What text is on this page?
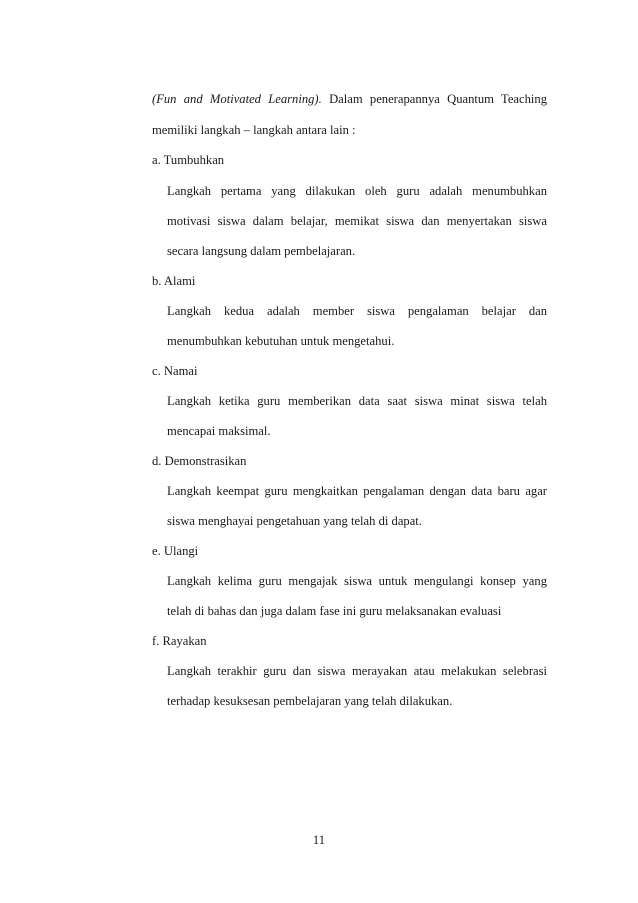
(Fun and Motivated Learning). Dalam penerapannya Quantum Teaching
memiliki langkah – langkah antara lain :
a. Tumbuhkan
Langkah pertama yang dilakukan oleh guru adalah menumbuhkan
motivasi siswa dalam belajar, memikat siswa dan menyertakan siswa
secara langsung dalam pembelajaran.
b. Alami
Langkah kedua adalah member siswa pengalaman belajar dan
menumbuhkan kebutuhan untuk mengetahui.
c. Namai
Langkah ketika guru memberikan data saat siswa minat siswa telah
mencapai maksimal.
d. Demonstrasikan
Langkah keempat guru mengkaitkan pengalaman dengan data baru agar
siswa menghayai pengetahuan yang telah di dapat.
e. Ulangi
Langkah kelima guru mengajak siswa untuk mengulangi konsep yang
telah di bahas dan juga dalam fase ini guru melaksanakan evaluasi
f. Rayakan
Langkah terakhir guru dan siswa merayakan atau melakukan selebrasi
terhadap kesuksesan pembelajaran yang telah dilakukan.
11
